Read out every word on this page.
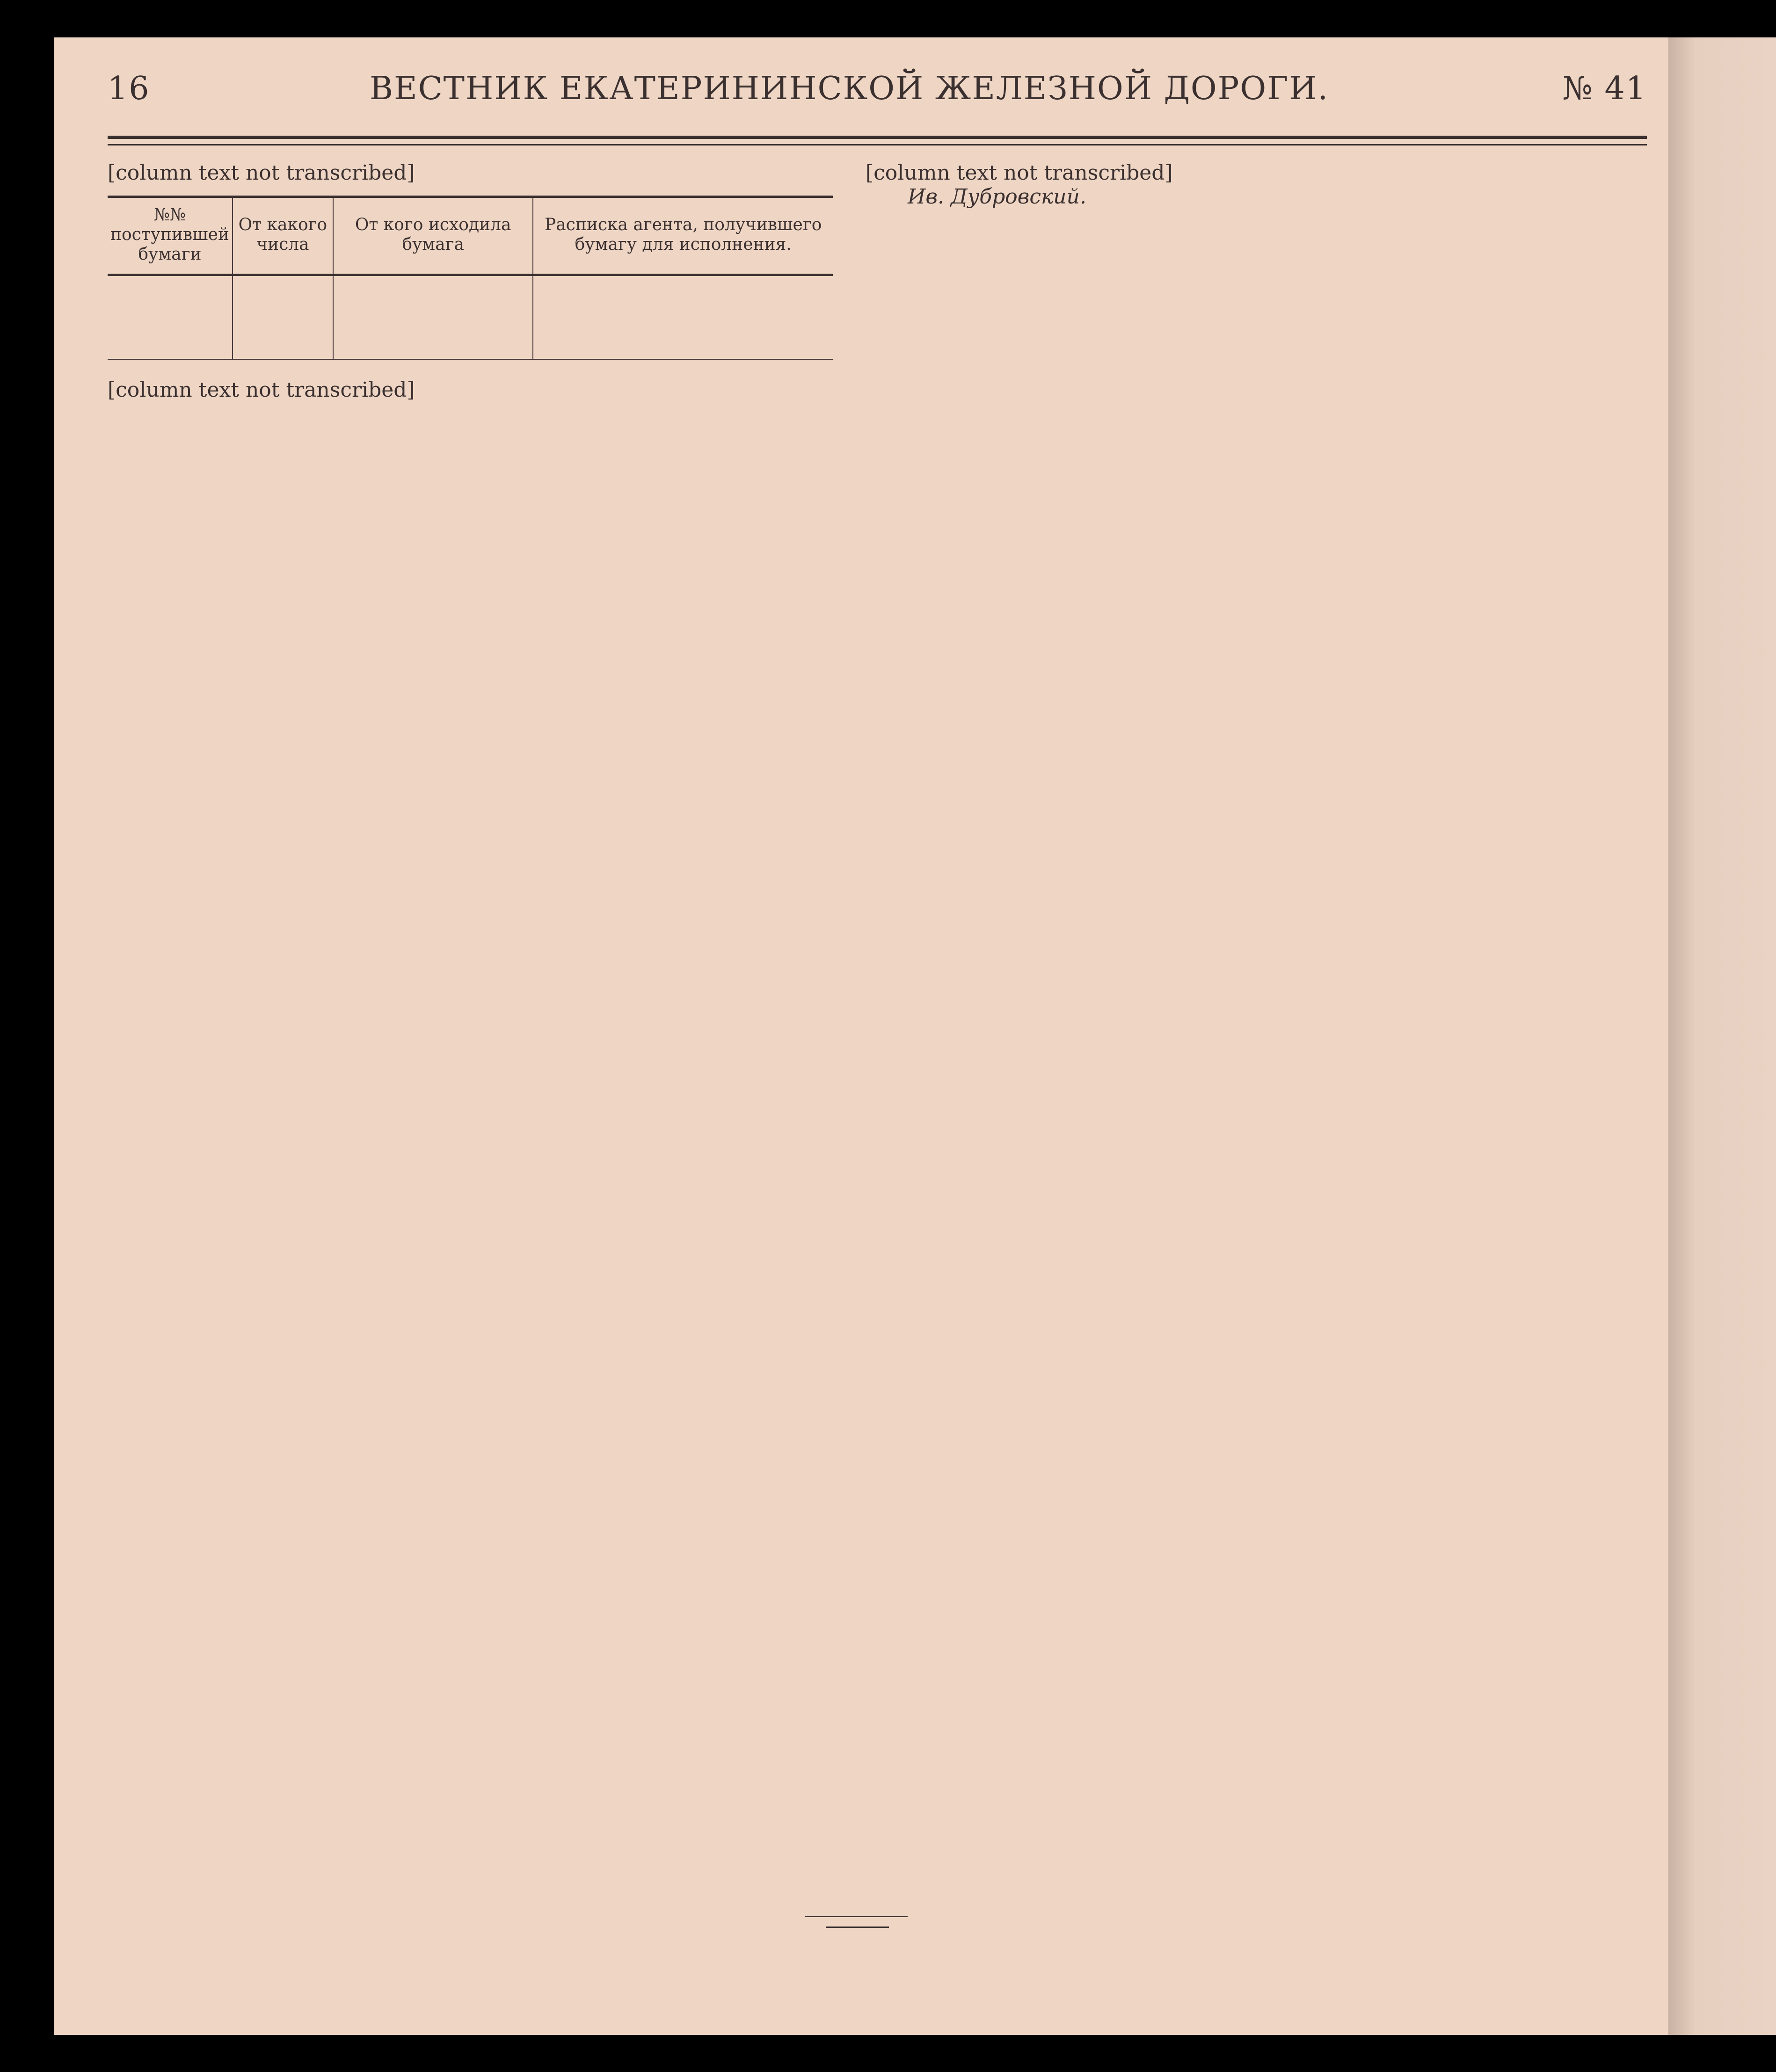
16	ВЕСТНИК ЕКАТЕРИНИНСКОЙ ЖЕЛЕЗНОЙ ДОРОГИ.	№ 41

[column text not transcribed]

№№ поступившей бумаги	От какого числа	От кого исходила бумага	Расписка агента, получившего бумагу для исполнения.

[column text not transcribed]

[column text not transcribed]

Ив. Дубровский.
